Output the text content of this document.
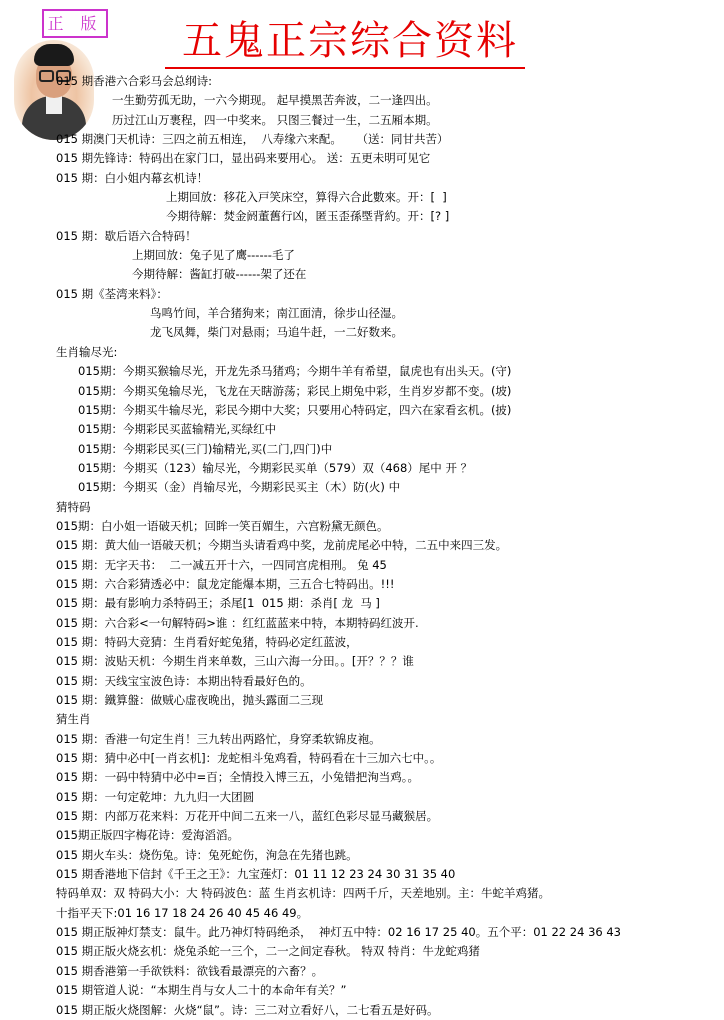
正 版	五鬼正宗综合资料
015 期香港六合彩马会总纲诗:
一生勤劳孤无助，一六今期现。 起早摸黑苦奔波，二一逢四出。
历过江山万裹程，四一中奖来。 只图三餐过一生，二五厢本期。
015 期澳门天机诗：三四之前五相连，  八寿缘六来配。    （送：同甘共苦）
015 期先锋诗：特码出在家门口，显出码来要用心。 送：五更未明可见它
015 期：白小姐内幕玄机诗！
上期回放：移花入戸笑床空，算得六合此數來。开：[  ]
今期待解：焚金阏董舊行凶，匿玉歪孫塈背約。开：[? ]
015 期：歇后语六合特码！
上期回放：兔子见了鹰------毛了
今期待解：酱缸打破------架了还在
015 期《荃湾来料》：
鸟鸣竹间，羊合猪狗来；南江面清，徐步山径湿。
龙飞凤舞，柴门对悬雨；马追牛赶，一二好数来。
生肖输尽光:
015期：今期买猴输尽光，开龙先杀马猪鸡；今期牛羊有希望，鼠虎也有出头天。(守)
015期：今期买兔输尽光，飞龙在天瞎游荡；彩民上期兔中彩，生肖岁岁都不变。(坡)
015期：今期买牛输尽光，彩民今期中大奖；只要用心特码定，四六在家看玄机。(披)
015期：今期彩民买蓝输精光,买绿红中
015期：今期彩民买(三门)输精光,买(二门,四门)中
015期：今期买（123）输尽光，今期彩民买单（579）双（468）尾中 开 ？
015期：今期买（金）肖输尽光，今期彩民买主（木）防(火) 中
猜特码
015期：白小姐一语破天机；回眸一笑百媚生，六宫粉黛无颜色。
015 期：黄大仙一语破天机；今期当头请看鸡中奖，龙前虎尾必中特，二五中来四三发。
015 期：无字天书：  二一减五开十六，一四同宫虎相刑。 兔 45
015 期：六合彩猜透必中：鼠龙定能爆本期，三五合七特码出。!!!
015 期：最有影响力杀特码王；杀尾[1  015 期：杀肖[ 龙  马 ]
015 期：六合彩<一句解特码>谁 ：红红蓝蓝来中特，本期特码红波开.
015 期：特码大竞猜：生肖看好蛇兔猪，特码必定红蓝波，
015 期：波贴天机：今期生肖来单数，三山六海一分田。。[开？？？谁
015 期：天线宝宝波色诗：本期出特看最好色的。
015 期：鐵算盤：做贼心虚夜晚出，抛头露面二三现
猜生肖
015 期：香港一句定生肖！三九转出两路忙，身穿柔软锦皮袍。
015 期：猜中必中[一肖玄机]：龙蛇相斗兔鸡看，特码看在十三加六七中。。
015 期：一码中特猜中必中=百；全情投入博三五，小兔错把洵当鸡。。
015 期：一句定乾坤：九九归一大团圆
015 期：内部万花来料：万花开中间二五来一八，蓝红色彩尽显马藏猴居。
015期正版四字梅花诗：爱海滔滔。
015 期火车头：烧伤兔。诗：兔死蛇伤，洵急在先猪也跳。
015 期香港地下信封《千王之王》：九宝莲灯：01 11 12 23 24 30 31 35 40
特码单双：双 特码大小：大 特码波色：蓝 生肖玄机诗：四两千斤，天差地别。主：牛蛇羊鸡猪。
十指平天下:01 16 17 18 24 26 40 45 46 49。
015 期正版神灯禁支：鼠牛。此乃神灯特码绝杀，  神灯五中特：02 16 17 25 40。五个平：01 22 24 36 43
015 期正版火烧玄机：烧兔杀蛇一三个，二一之间定春秋。 特双 特肖：牛龙蛇鸡猪
015 期香港第一手欲铁料：欲钱看最漂亮的六畜？。
015 期管道人说：“本期生肖与女人二十的本命年有关？”
015 期正版火烧图解：火烧“鼠”。诗：三二对立看好八，二七看五是好码。
